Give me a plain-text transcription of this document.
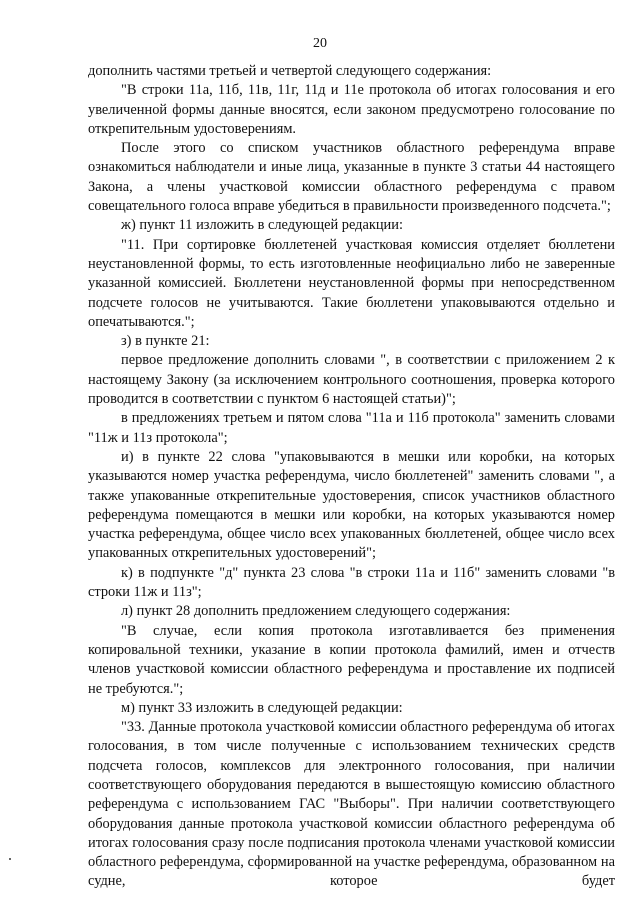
20

дополнить частями третьей и четвертой следующего содержания:

"В строки 11а, 11б, 11в, 11г, 11д и 11е протокола об итогах голосования и его увеличенной формы данные вносятся, если законом предусмотрено голосование по открепительным удостоверениям.

После этого со списком участников областного референдума вправе ознакомиться наблюдатели и иные лица, указанные в пункте 3 статьи 44 настоящего Закона, а члены участковой комиссии областного референдума с правом совещательного голоса вправе убедиться в правильности произведенного подсчета.";

ж) пункт 11 изложить в следующей редакции:

"11. При сортировке бюллетеней участковая комиссия отделяет бюллетени неустановленной формы, то есть изготовленные неофициально либо не заверенные указанной комиссией. Бюллетени неустановленной формы при непосредственном подсчете голосов не учитываются. Такие бюллетени упаковываются отдельно и опечатываются.";

з) в пункте 21:

первое предложение дополнить словами ", в соответствии с приложением 2 к настоящему Закону (за исключением контрольного соотношения, проверка которого проводится в соответствии с пунктом 6 настоящей статьи)";

в предложениях третьем и пятом слова "11а и 11б протокола" заменить словами "11ж и 11з протокола";

и) в пункте 22 слова "упаковываются в мешки или коробки, на которых указываются номер участка референдума, число бюллетеней" заменить словами ", а также упакованные открепительные удостоверения, список участников областного референдума помещаются в мешки или коробки, на которых указываются номер участка референдума, общее число всех упакованных бюллетеней, общее число всех упакованных открепительных удостоверений";

к) в подпункте "д" пункта 23 слова "в строки 11а и 11б" заменить словами "в строки 11ж и 11з";

л) пункт 28 дополнить предложением следующего содержания:

"В случае, если копия протокола изготавливается без применения копировальной техники, указание в копии протокола фамилий, имен и отчеств членов участковой комиссии областного референдума и проставление их подписей не требуются.";

м) пункт 33 изложить в следующей редакции:

"33. Данные протокола участковой комиссии областного референдума об итогах голосования, в том числе полученные с использованием технических средств подсчета голосов, комплексов для электронного голосования, при наличии соответствующего оборудования передаются в вышестоящую комиссию областного референдума с использованием ГАС "Выборы". При наличии соответствующего оборудования данные протокола участковой комиссии областного референдума об итогах голосования сразу после подписания протокола членами участковой комиссии областного референдума, сформированной на участке референдума, образованном на судне, которое будет
